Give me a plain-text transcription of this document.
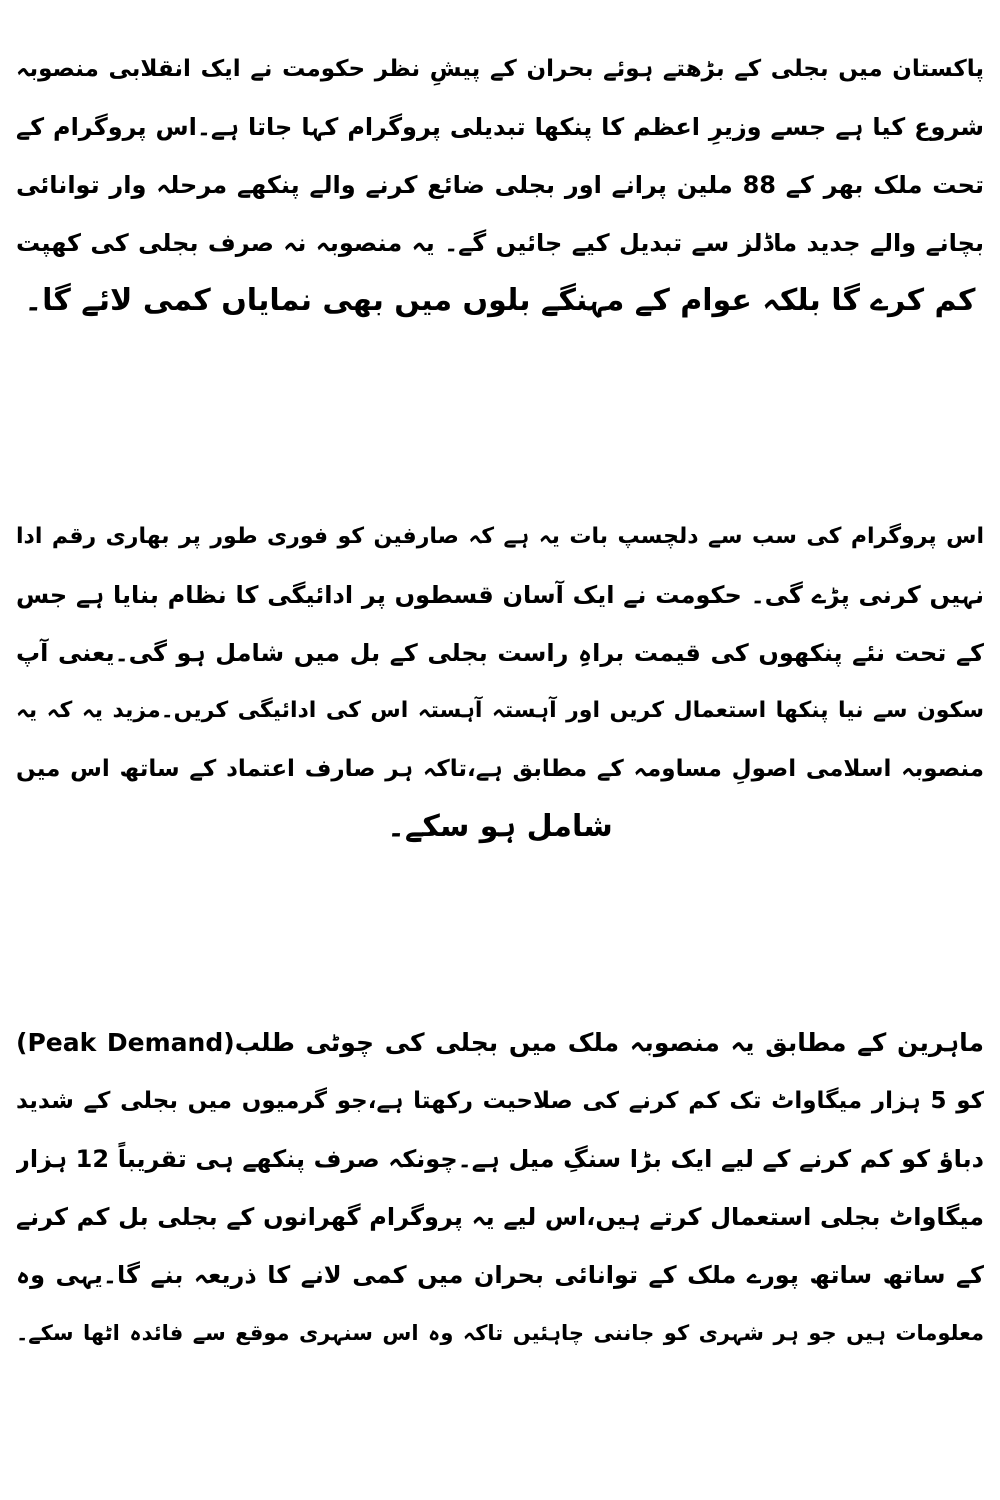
پاکستان میں بجلی کے بڑھتے ہوئے بحران کے پیشِ نظر حکومت نے ایک انقلابی منصوبہ
شروع کیا ہے جسے وزیرِ اعظم کا پنکھا تبدیلی پروگرام کہا جاتا ہے۔اس پروگرام کے
تحت ملک بھر کے 88 ملین پرانے اور بجلی ضائع کرنے والے پنکھے مرحلہ وار توانائی
بچانے والے جدید ماڈلز سے تبدیل کیے جائیں گے۔ یہ منصوبہ نہ صرف بجلی کی کھپت
کم کرے گا بلکہ عوام کے مہنگے بلوں میں بھی نمایاں کمی لائے گا۔
اس پروگرام کی سب سے دلچسپ بات یہ ہے کہ صارفین کو فوری طور پر بھاری رقم ادا
نہیں کرنی پڑے گی۔ حکومت نے ایک آسان قسطوں پر ادائیگی کا نظام بنایا ہے جس
کے تحت نئے پنکھوں کی قیمت براہِ راست بجلی کے بل میں شامل ہو گی۔یعنی آپ
سکون سے نیا پنکھا استعمال کریں اور آہستہ آہستہ اس کی ادائیگی کریں۔مزید یہ کہ یہ
منصوبہ اسلامی اصولِ مساومہ کے مطابق ہے،تاکہ ہر صارف اعتماد کے ساتھ اس میں
شامل ہو سکے۔
ماہرین کے مطابق یہ منصوبہ ملک میں بجلی کی چوٹی طلب(Peak Demand)
کو 5 ہزار میگاواٹ تک کم کرنے کی صلاحیت رکھتا ہے،جو گرمیوں میں بجلی کے شدید
دباؤ کو کم کرنے کے لیے ایک بڑا سنگِ میل ہے۔چونکہ صرف پنکھے ہی تقریباً 12 ہزار
میگاواٹ بجلی استعمال کرتے ہیں،اس لیے یہ پروگرام گھرانوں کے بجلی بل کم کرنے
کے ساتھ ساتھ پورے ملک کے توانائی بحران میں کمی لانے کا ذریعہ بنے گا۔یہی وہ
معلومات ہیں جو ہر شہری کو جاننی چاہئیں تاکہ وہ اس سنہری موقع سے فائدہ اٹھا سکے۔
